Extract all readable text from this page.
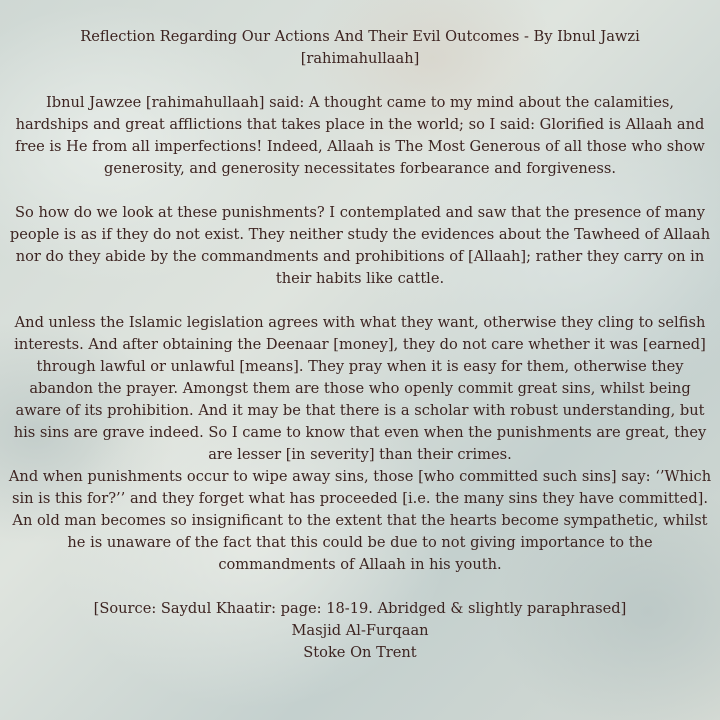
Reflection Regarding Our Actions And Their Evil Outcomes - By Ibnul Jawzi

[rahimahullaah]

Ibnul Jawzee [rahimahullaah] said: A thought came to my mind about the calamities, hardships and great afflictions that takes place in the world; so I said: Glorified is Allaah and free is He from all imperfections! Indeed, Allaah is The Most Generous of all those who show generosity, and generosity necessitates forbearance and forgiveness.

So how do we look at these punishments? I contemplated and saw that the presence of many people is as if they do not exist. They neither study the evidences about the Tawheed of Allaah nor do they abide by the commandments and prohibitions of [Allaah]; rather they carry on in their habits like cattle.

And unless the Islamic legislation agrees with what they want, otherwise they cling to selfish interests. And after obtaining the Deenaar [money], they do not care whether it was [earned] through lawful or unlawful [means]. They pray when it is easy for them, otherwise they abandon the prayer. Amongst them are those who openly commit great sins, whilst being aware of its prohibition. And it may be that there is a scholar with robust understanding, but his sins are grave indeed. So I came to know that even when the punishments are great, they are lesser [in severity] than their crimes.

And when punishments occur to wipe away sins, those [who committed such sins] say: ‘’Which sin is this for?’’ and they forget what has proceeded [i.e. the many sins they have committed]. An old man becomes so insignificant to the extent that the hearts become sympathetic, whilst he is unaware of the fact that this could be due to not giving importance to the commandments of Allaah in his youth.

[Source: Saydul Khaatir: page: 18-19. Abridged & slightly paraphrased]

Masjid Al-Furqaan

Stoke On Trent
